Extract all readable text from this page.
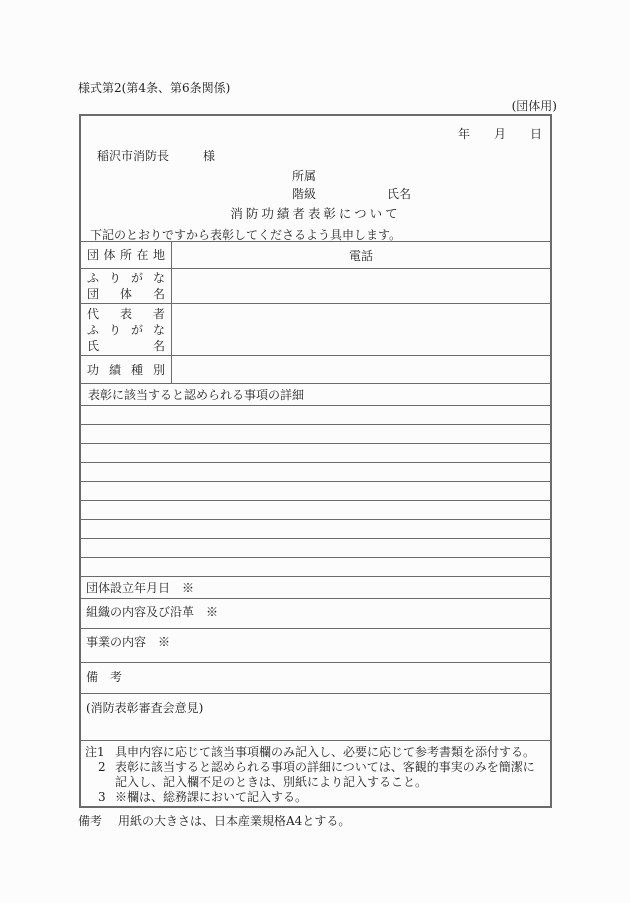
様式第2(第4条、第6条関係)
(団体用)
年　　月　　日
稲沢市消防長	様
所属
階級	氏名
消防功績者表彰について
下記のとおりですから表彰してくださるよう具申します。
団体所在地	電話
ふりがな
団体名
代表者
ふりがな
氏名
功績種別
表彰に該当すると認められる事項の詳細
団体設立年月日　※
組織の内容及び沿革　※
事業の内容　※
備　考
(消防表彰審査会意見)
注1 具申内容に応じて該当事項欄のみ記入し、必要に応じて参考書類を添付する。
2 表彰に該当すると認められる事項の詳細については、客観的事実のみを簡潔に記入し、記入欄不足のときは、別紙により記入すること。
3 ※欄は、総務課において記入する。
備考 用紙の大きさは、日本産業規格A4とする。
